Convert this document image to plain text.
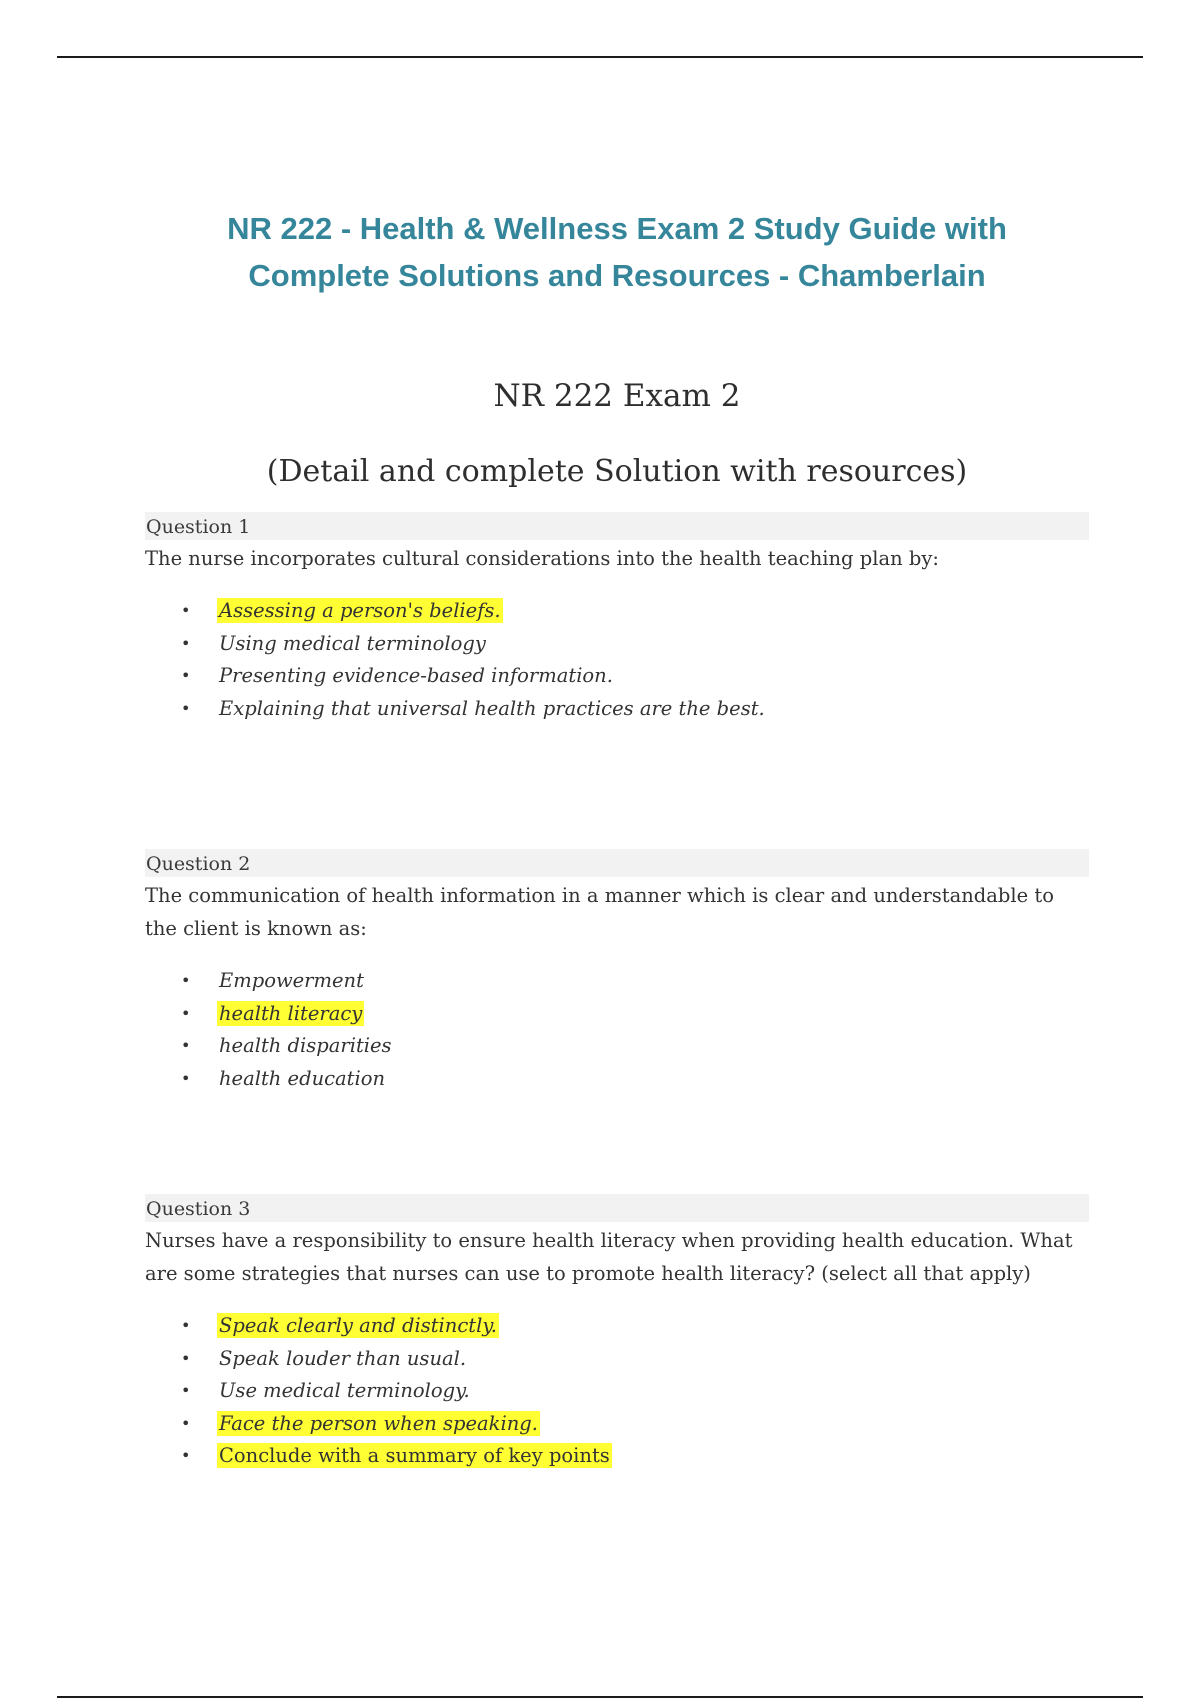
NR 222 - Health & Wellness Exam 2 Study Guide with
Complete Solutions and Resources - Chamberlain
NR 222 Exam 2
(Detail and complete Solution with resources)
Question 1
The nurse incorporates cultural considerations into the health teaching plan by:
• Assessing a person's beliefs.
• Using medical terminology
• Presenting evidence-based information.
• Explaining that universal health practices are the best.
Question 2
The communication of health information in a manner which is clear and understandable to the client is known as:
• Empowerment
• health literacy
• health disparities
• health education
Question 3
Nurses have a responsibility to ensure health literacy when providing health education. What are some strategies that nurses can use to promote health literacy? (select all that apply)
• Speak clearly and distinctly.
• Speak louder than usual.
• Use medical terminology.
• Face the person when speaking.
• Conclude with a summary of key points
